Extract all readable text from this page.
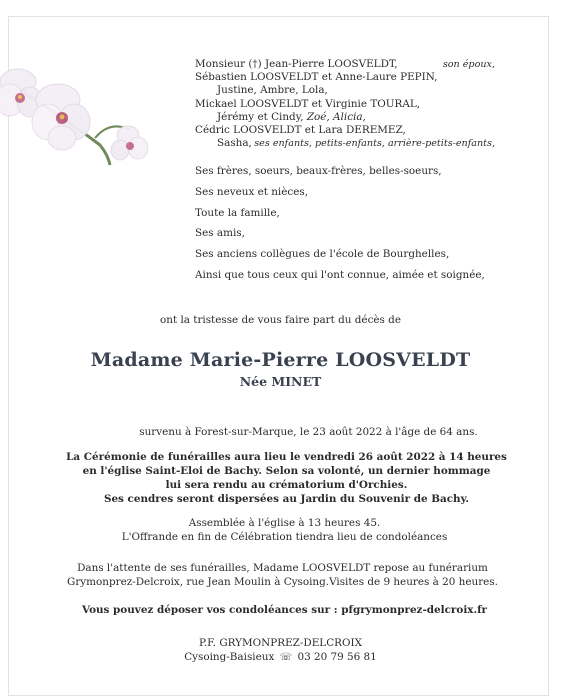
Monsieur (†) Jean-Pierre LOOSVELDT,	son époux,
Sébastien LOOSVELDT et Anne-Laure PEPIN,
Justine, Ambre, Lola,
Mickael LOOSVELDT et Virginie TOURAL,
Jérémy et Cindy, Zoé, Alicia,
Cédric LOOSVELDT et Lara DEREMEZ,
Sasha, ses enfants, petits-enfants, arrière-petits-enfants,
Ses frères, soeurs, beaux-frères, belles-soeurs,
Ses neveux et nièces,
Toute la famille,
Ses amis,
Ses anciens collègues de l'école de Bourghelles,
Ainsi que tous ceux qui l'ont connue, aimée et soignée,
ont la tristesse de vous faire part du décès de
Madame Marie-Pierre LOOSVELDT
Née MINET
survenu à Forest-sur-Marque, le 23 août 2022 à l'âge de 64 ans.
La Cérémonie de funérailles aura lieu le vendredi 26 août 2022 à 14 heures
en l'église Saint-Eloi de Bachy. Selon sa volonté, un dernier hommage
lui sera rendu au crématorium d'Orchies.
Ses cendres seront dispersées au Jardin du Souvenir de Bachy.
Assemblée à l'église à 13 heures 45.
L'Offrande en fin de Célébration tiendra lieu de condoléances
Dans l'attente de ses funérailles, Madame LOOSVELDT repose au funérarium
Grymonprez-Delcroix, rue Jean Moulin à Cysoing.Visites de 9 heures à 20 heures.
Vous pouvez déposer vos condoléances sur : pfgrymonprez-delcroix.fr
P.F. GRYMONPREZ-DELCROIX
Cysoing-Baisieux ☏ 03 20 79 56 81
